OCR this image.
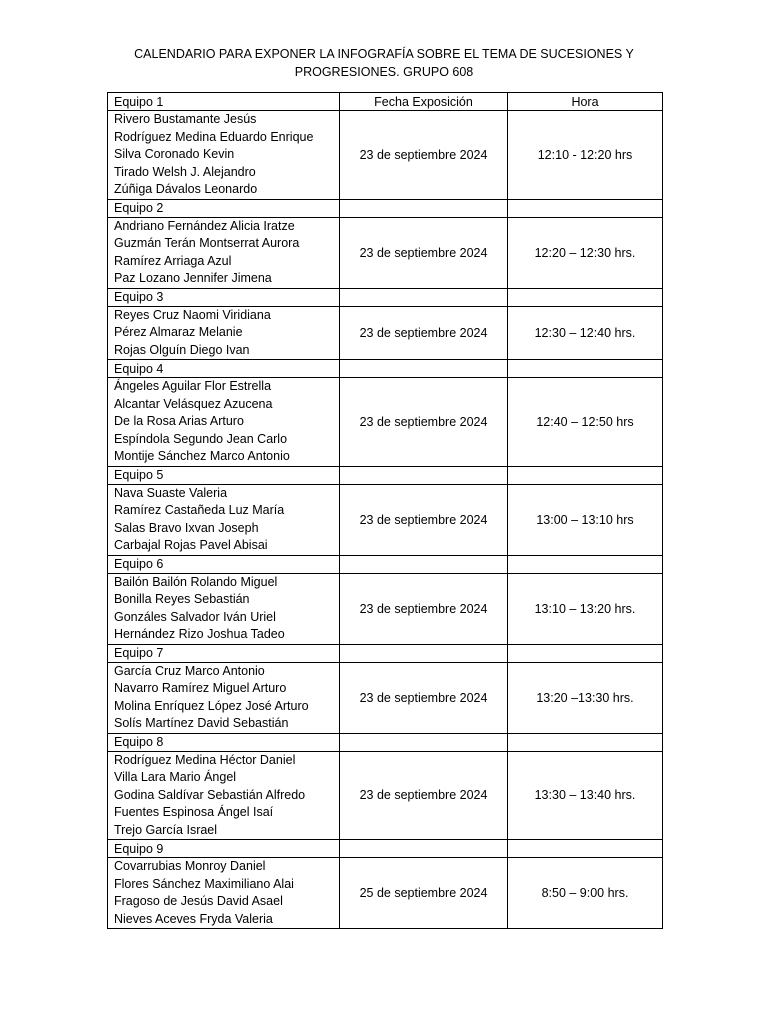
CALENDARIO PARA EXPONER LA INFOGRAFÍA SOBRE EL TEMA DE SUCESIONES Y
PROGRESIONES. GRUPO 608
Equipo 1	Fecha Exposición	Hora

Rivero Bustamante Jesús
Rodríguez Medina Eduardo Enrique
Silva Coronado Kevin
Tirado Welsh J. Alejandro
Zúñiga Dávalos Leonardo	23 de septiembre 2024	12:10 - 12:20 hrs
Equipo 2		

Andriano Fernández Alicia Iratze
Guzmán Terán Montserrat Aurora
Ramírez Arriaga Azul
Paz Lozano Jennifer Jimena	23 de septiembre 2024	12:20 – 12:30 hrs.
Equipo 3		

Reyes Cruz Naomi Viridiana
Pérez Almaraz Melanie
Rojas Olguín Diego Ivan	23 de septiembre 2024	12:30 – 12:40 hrs.
Equipo 4		

Ángeles Aguilar Flor Estrella
Alcantar Velásquez Azucena
De la Rosa Arias Arturo
Espíndola Segundo Jean Carlo
Montije Sánchez Marco Antonio	23 de septiembre 2024	12:40 – 12:50 hrs
Equipo 5		

Nava Suaste Valeria
Ramírez Castañeda Luz María
Salas Bravo Ixvan Joseph
Carbajal Rojas Pavel Abisai	23 de septiembre 2024	13:00 – 13:10 hrs
Equipo 6		

Bailón Bailón Rolando Miguel
Bonilla Reyes Sebastián
Gonzáles Salvador Iván Uriel
Hernández Rizo Joshua Tadeo	23 de septiembre 2024	13:10 – 13:20 hrs.
Equipo 7		

García Cruz Marco Antonio
Navarro Ramírez Miguel Arturo
Molina Enríquez López José Arturo
Solís Martínez David Sebastián	23 de septiembre 2024	13:20 –13:30 hrs.
Equipo 8		

Rodríguez Medina Héctor Daniel
Villa Lara Mario Ángel
Godina Saldívar Sebastián Alfredo
Fuentes Espinosa Ángel Isaí
Trejo García Israel	23 de septiembre 2024	13:30 – 13:40 hrs.
Equipo 9		

Covarrubias Monroy Daniel
Flores Sánchez Maximiliano Alai
Fragoso de Jesús David Asael
Nieves Aceves Fryda Valeria	25 de septiembre 2024	8:50 – 9:00 hrs.
